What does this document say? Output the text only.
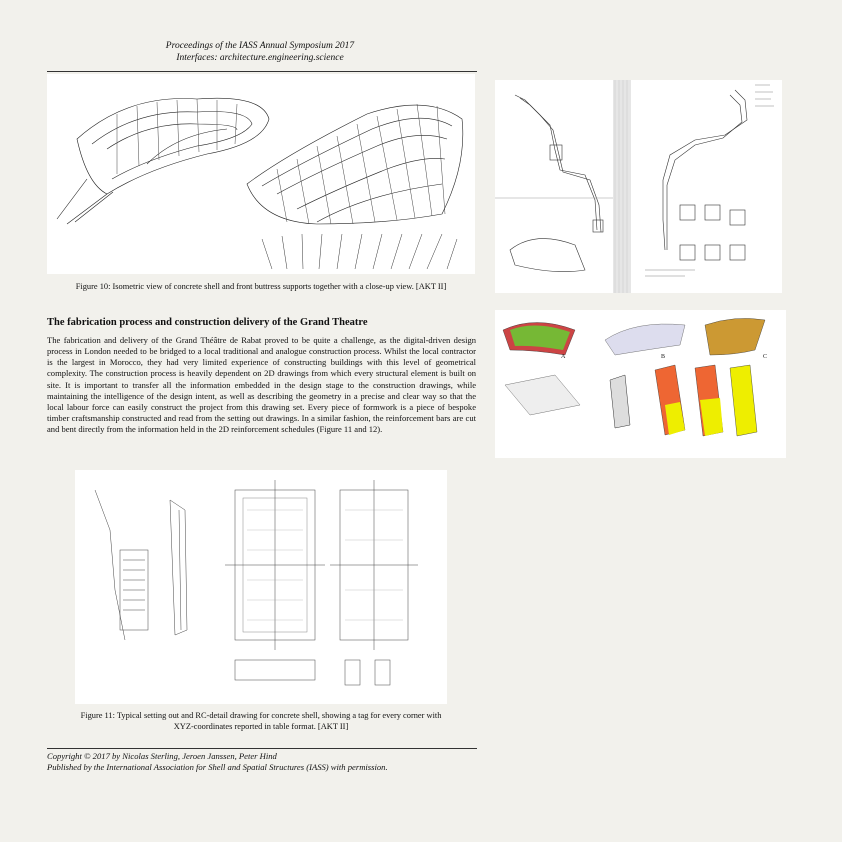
Proceedings of the IASS Annual Symposium 2017
Interfaces: architecture.engineering.science
Figure 10: Isometric view of concrete shell and front buttress supports together with a close-up view. [AKT II]
A	B	C
The fabrication process and construction delivery of the Grand Theatre
The fabrication and delivery of the Grand Théâtre de Rabat proved to be quite a challenge, as the digital-driven design process in London needed to be bridged to a local traditional and analogue construction process. Whilst the local contractor is the largest in Morocco, they had very limited experience of constructing buildings with this level of geometrical complexity. The construction process is heavily dependent on 2D drawings from which every structural element is built on site. It is important to transfer all the information embedded in the design stage to the construction drawings, while maintaining the intelligence of the design intent, as well as describing the geometry in a precise and clear way so that the local labour force can easily construct the project from this drawing set. Every piece of formwork is a piece of bespoke timber craftsmanship constructed and read from the setting out drawings. In a similar fashion, the reinforcement bars are cut and bent directly from the information held in the 2D reinforcement schedules (Figure 11 and 12).
Figure 11: Typical setting out and RC-detail drawing for concrete shell, showing a tag for every corner with
XYZ-coordinates reported in table format. [AKT II]
Copyright © 2017 by Nicolas Sterling, Jeroen Janssen, Peter Hind
Published by the International Association for Shell and Spatial Structures (IASS) with permission.
